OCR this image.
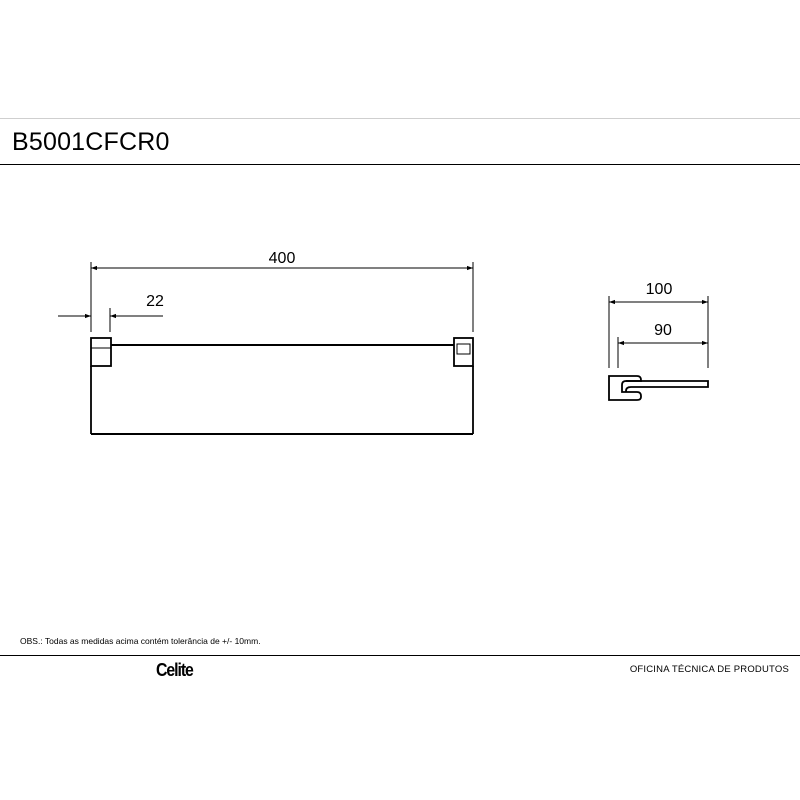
B5001CFCR0
400
22
100
90
OBS.: Todas as medidas acima contém tolerância de +/- 10mm.
Celite	OFICINA TÉCNICA DE PRODUTOS
